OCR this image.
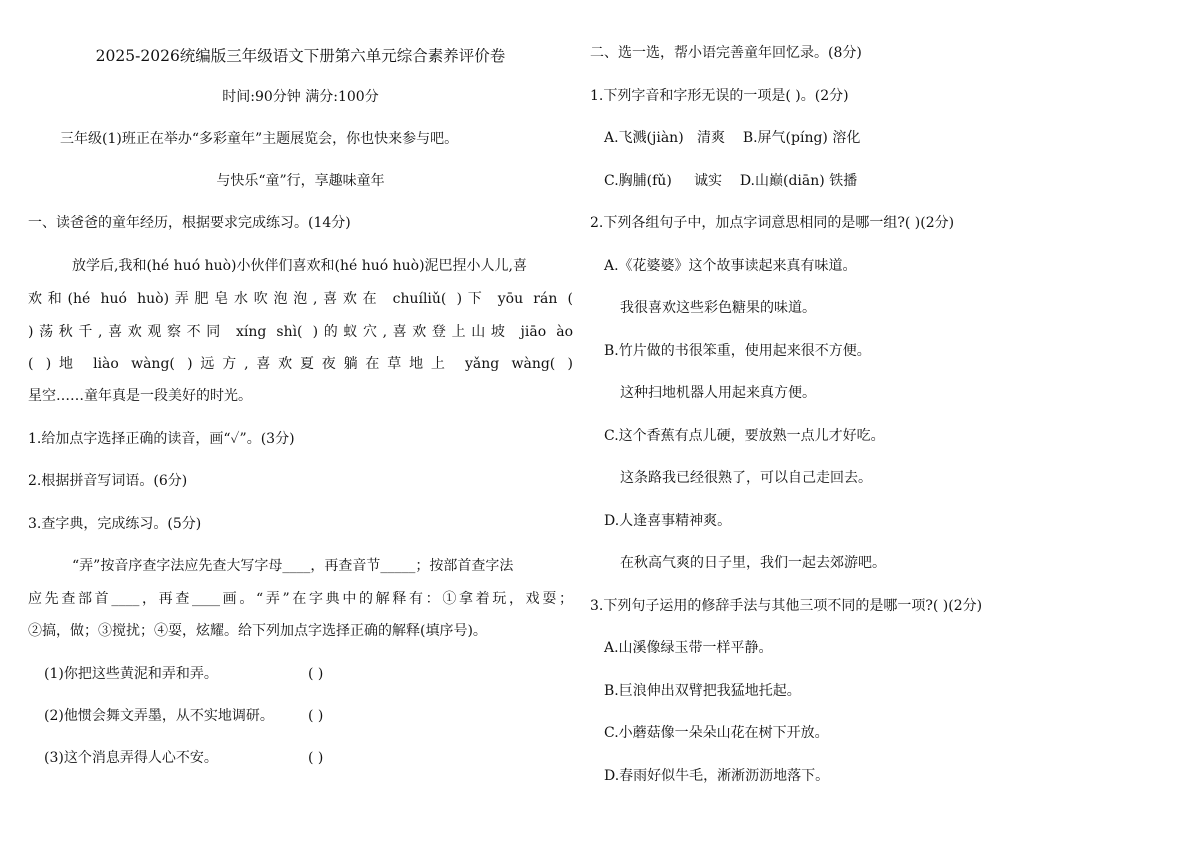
2025-2026统编版三年级语文下册第六单元综合素养评价卷
时间:90分钟 满分:100分
三年级(1)班正在举办“多彩童年”主题展览会，你也快来参与吧。
与快乐“童”行，享趣味童年
一、读爸爸的童年经历，根据要求完成练习。(14分)
放学后,我和(hé huó huò)小伙伴们喜欢和(hé huó huò)泥巴捏小人儿,喜
欢和(hé huó huò)弄肥皂水吹泡泡,喜欢在 chuíliǔ( )下 yōu rán (
)荡秋千,喜欢观察不同 xíng shì( )的蚁穴,喜欢登上山坡 jiāo ào
( )地 liào wàng( )远方,喜欢夏夜躺在草地上 yǎng wàng( )
星空……童年真是一段美好的时光。
1.给加点字选择正确的读音，画“✓”。(3分)
2.根据拼音写词语。(6分)
3.查字典，完成练习。(5分)
“弄”按音序查字法应先查大写字母____，再查音节_____；按部首查字法
应先查部首____，再查____画。“弄”在字典中的解释有：①拿着玩，戏耍；
②搞，做；③搅扰；④耍，炫耀。给下列加点字选择正确的解释(填序号)。
(1)你把这些黄泥和弄和弄。	( )
(2)他惯会舞文弄墨，从不实地调研。 ( )
(3)这个消息弄得人心不安。	( )
二、选一选，帮小语完善童年回忆录。(8分)
1.下列字音和字形无误的一项是( )。(2分)
A.飞溅(jiàn)   清爽    B.屏气(píng) 溶化
C.胸脯(fǔ)     诚实    D.山巅(diān) 铁播
2.下列各组句子中，加点字词意思相同的是哪一组?( )(2分)
A.《花婆婆》这个故事读起来真有味道。
我很喜欢这些彩色糖果的味道。
B.竹片做的书很笨重，使用起来很不方便。
这种扫地机器人用起来真方便。
C.这个香蕉有点儿硬，要放熟一点儿才好吃。
这条路我已经很熟了，可以自己走回去。
D.人逢喜事精神爽。
在秋高气爽的日子里，我们一起去郊游吧。
3.下列句子运用的修辞手法与其他三项不同的是哪一项?( )(2分)
A.山溪像绿玉带一样平静。
B.巨浪伸出双臂把我猛地托起。
C.小蘑菇像一朵朵山花在树下开放。
D.春雨好似牛毛，淅淅沥沥地落下。
